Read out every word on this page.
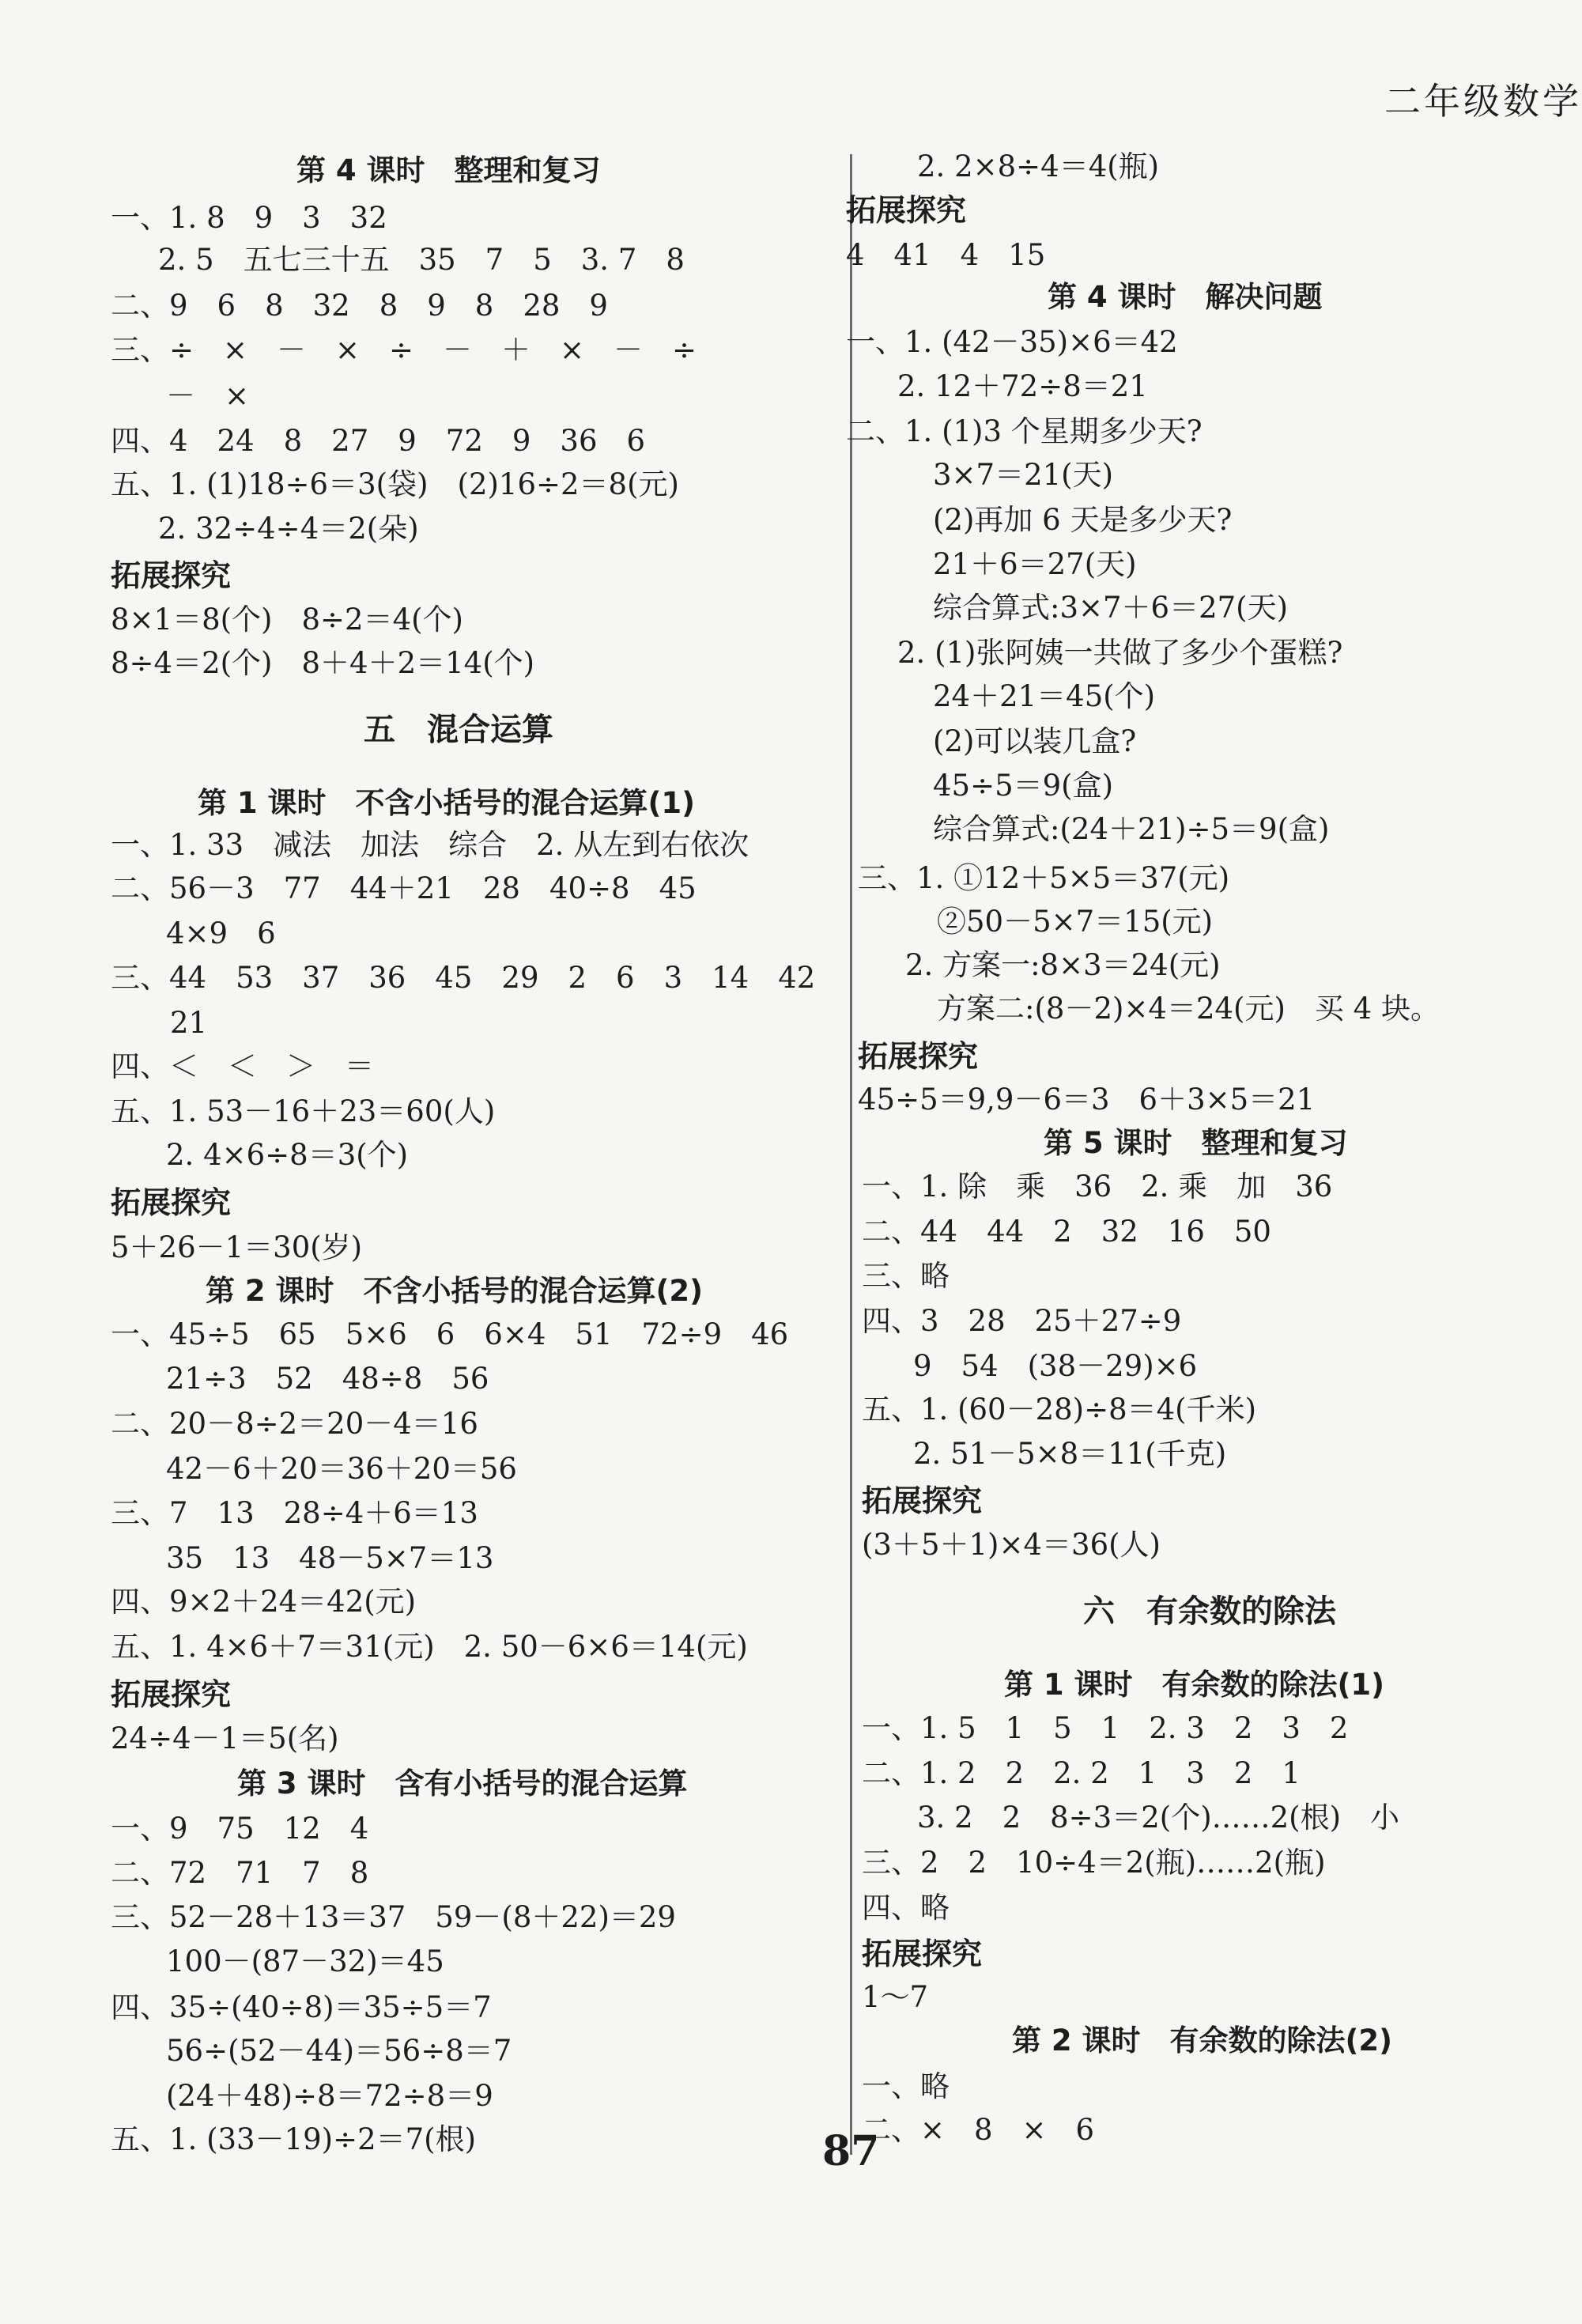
二年级数学
第 4 课时　整理和复习
一、1. 8　9　3　32
2. 5　五七三十五　35　7　5　3. 7　8
二、9　6　8　32　8　9　8　28　9
三、÷　×　－　×　÷　－　＋　×　－　÷
－　×
四、4　24　8　27　9　72　9　36　6
五、1. (1)18÷6＝3(袋)　(2)16÷2＝8(元)
2. 32÷4÷4＝2(朵)
拓展探究
8×1＝8(个)　8÷2＝4(个)
8÷4＝2(个)　8＋4＋2＝14(个)
五　混合运算
第 1 课时　不含小括号的混合运算(1)
一、1. 33　减法　加法　综合　2. 从左到右依次
二、56－3　77　44＋21　28　40÷8　45
4×9　6
三、44　53　37　36　45　29　2　6　3　14　42
21
四、＜　＜　＞　＝
五、1. 53－16＋23＝60(人)
2. 4×6÷8＝3(个)
拓展探究
5＋26－1＝30(岁)
第 2 课时　不含小括号的混合运算(2)
一、45÷5　65　5×6　6　6×4　51　72÷9　46
21÷3　52　48÷8　56
二、20－8÷2＝20－4＝16
42－6＋20＝36＋20＝56
三、7　13　28÷4＋6＝13
35　13　48－5×7＝13
四、9×2＋24＝42(元)
五、1. 4×6＋7＝31(元)　2. 50－6×6＝14(元)
拓展探究
24÷4－1＝5(名)
第 3 课时　含有小括号的混合运算
一、9　75　12　4
二、72　71　7　8
三、52－28＋13＝37　59－(8＋22)＝29
100－(87－32)＝45
四、35÷(40÷8)＝35÷5＝7
56÷(52－44)＝56÷8＝7
(24＋48)÷8＝72÷8＝9
五、1. (33－19)÷2＝7(根)
2. 2×8÷4＝4(瓶)
拓展探究
4　41　4　15
第 4 课时　解决问题
一、1. (42－35)×6＝42
2. 12＋72÷8＝21
二、1. (1)3 个星期多少天?
3×7＝21(天)
(2)再加 6 天是多少天?
21＋6＝27(天)
综合算式:3×7＋6＝27(天)
2. (1)张阿姨一共做了多少个蛋糕?
24＋21＝45(个)
(2)可以装几盒?
45÷5＝9(盒)
综合算式:(24＋21)÷5＝9(盒)
三、1. ①12＋5×5＝37(元)
②50－5×7＝15(元)
2. 方案一:8×3＝24(元)
方案二:(8－2)×4＝24(元)　买 4 块。
拓展探究
45÷5＝9,9－6＝3　6＋3×5＝21
第 5 课时　整理和复习
一、1. 除　乘　36　2. 乘　加　36
二、44　44　2　32　16　50
三、略
四、3　28　25＋27÷9
9　54　(38－29)×6
五、1. (60－28)÷8＝4(千米)
2. 51－5×8＝11(千克)
拓展探究
(3＋5＋1)×4＝36(人)
六　有余数的除法
第 1 课时　有余数的除法(1)
一、1. 5　1　5　1　2. 3　2　3　2
二、1. 2　2　2. 2　1　3　2　1
3. 2　2　8÷3＝2(个)……2(根)　小
三、2　2　10÷4＝2(瓶)……2(瓶)
四、略
拓展探究
1～7
第 2 课时　有余数的除法(2)
一、略
二、×　8　×　6
87
